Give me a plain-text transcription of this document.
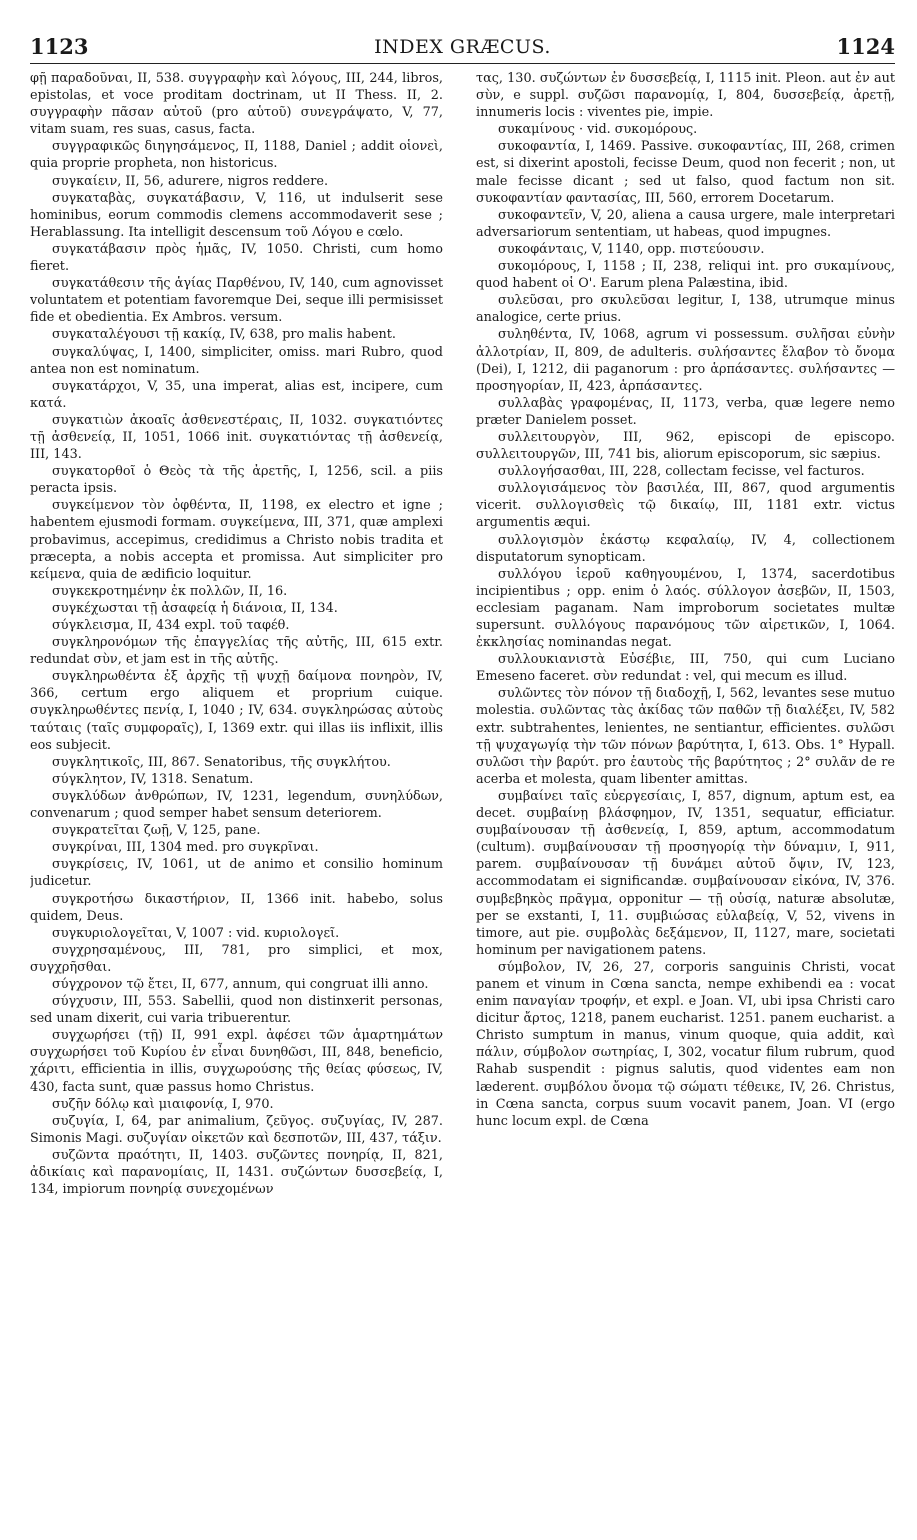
1123	INDEX GRÆCUS.	1124

φῇ παραδοῦναι, II, 538. συγγραφὴν καὶ λόγους, III, 244, libros, epistolas, et voce proditam doctrinam, ut II Thess. II, 2. συγγραφὴν πᾶσαν αὐτοῦ (pro αὑτοῦ) συνεγράψατο, V, 77, vitam suam, res suas, casus, facta.

συγγραφικῶς διηγησάμενος, II, 1188, Daniel ; addit οἱονεὶ, quia proprie propheta, non historicus.

συγκαίειν, II, 56, adurere, nigros reddere.

συγκαταβὰς, συγκατάβασιν, V, 116, ut indulserit sese hominibus, eorum commodis clemens accommodaverit sese ; Herablassung. Ita intelligit descensum τοῦ Λόγου e cœlo.

συγκατάβασιν πρὸς ἡμᾶς, IV, 1050. Christi, cum homo fieret.

συγκατάθεσιν τῆς ἁγίας Παρθένου, IV, 140, cum agnovisset voluntatem et potentiam favoremque Dei, seque illi permisisset fide et obedientia. Ex Ambros. versum.

συγκαταλέγουσι τῇ κακίᾳ, IV, 638, pro malis habent.

συγκαλύψας, I, 1400, simpliciter, omiss. mari Rubro, quod antea non est nominatum.

συγκατάρχοι, V, 35, una imperat, alias est, incipere, cum κατά.

συγκατιὼν ἀκοαῖς ἀσθενεστέραις, II, 1032. συγκατιόντες τῇ ἀσθενείᾳ, II, 1051, 1066 init. συγκατιόντας τῇ ἀσθενείᾳ, III, 143.

συγκατορθοῖ ὁ Θεὸς τὰ τῆς ἀρετῆς, I, 1256, scil. a piis peracta ipsis.

συγκείμενον τὸν ὀφθέντα, II, 1198, ex electro et igne ; habentem ejusmodi formam. συγκείμενα, III, 371, quæ amplexi probavimus, accepimus, credidimus a Christo nobis tradita et præcepta, a nobis accepta et promissa. Aut simpliciter pro κείμενα, quia de ædificio loquitur.

συγκεκροτημένην ἐκ πολλῶν, II, 16.

συγκέχωσται τῇ ἀσαφείᾳ ἡ διάνοια, II, 134.

σύγκλεισμα, II, 434 expl. τοῦ ταφέθ.

συγκληρονόμων τῆς ἐπαγγελίας τῆς αὐτῆς, III, 615 extr. redundat σὺν, et jam est in τῆς αὐτῆς.

συγκληρωθέντα ἐξ ἀρχῆς τῇ ψυχῇ δαίμονα πονηρὸν, IV, 366, certum ergo aliquem et proprium cuique. συγκληρωθέντες πενίᾳ, I, 1040 ; IV, 634. συγκληρώσας αὐτοὺς ταύταις (ταῖς συμφοραῖς), I, 1369 extr. qui illas iis inflixit, illis eos subjecit.

συγκλητικοῖς, III, 867. Senatoribus, τῆς συγκλήτου.

σύγκλητον, IV, 1318. Senatum.

συγκλύδων ἀνθρώπων, IV, 1231, legendum, συνηλύδων, convenarum ; quod semper habet sensum deteriorem.

συγκρατεῖται ζωῇ, V, 125, pane.

συγκρίναι, III, 1304 med. pro συγκρῖναι.

συγκρίσεις, IV, 1061, ut de animo et consilio hominum judicetur.

συγκροτήσω δικαστήριον, II, 1366 init. habebo, solus quidem, Deus.

συγκυριολογεῖται, V, 1007 : vid. κυριολογεῖ.

συγχρησαμένους, III, 781, pro simplici, et mox, συγχρῆσθαι.

σύγχρονον τῷ ἔτει, II, 677, annum, qui congruat illi anno.

σύγχυσιν, III, 553. Sabellii, quod non distinxerit personas, sed unam dixerit, cui varia tribuerentur.

συγχωρήσει (τῇ) II, 991 expl. ἀφέσει τῶν ἁμαρτημάτων συγχωρήσει τοῦ Κυρίου ἐν εἶναι δυνηθῶσι, III, 848, beneficio, χάριτι, efficientia in illis, συγχωρούσης τῆς θείας φύσεως, IV, 430, facta sunt, quæ passus homo Christus.

συζῆν δόλῳ καὶ μιαιφονίᾳ, I, 970.

συζυγία, I, 64, par animalium, ζεῦγος. συζυγίας, IV, 287. Simonis Magi. συζυγίαν οἰκετῶν καὶ δεσποτῶν, III, 437, τάξιν.

συζῶντα πραότητι, II, 1403. συζῶντες πονηρίᾳ, II, 821, ἀδικίαις καὶ παρανομίαις, II, 1431. συζώντων δυσσεβείᾳ, I, 134, impiorum πονηρίᾳ συνεχομένων

τας, 130. συζώντων ἐν δυσσεβείᾳ, I, 1115 init. Pleon. aut ἐν aut σὺν, e suppl. συζῶσι παρανομίᾳ, I, 804, δυσσεβείᾳ, ἀρετῇ, innumeris locis : viventes pie, impie.

συκαμίνους · vid. συκομόρους.

συκοφαντία, I, 1469. Passive. συκοφαντίας, III, 268, crimen est, si dixerint apostoli, fecisse Deum, quod non fecerit ; non, ut male fecisse dicant ; sed ut falso, quod factum non sit. συκοφαντίαν φαντασίας, III, 560, errorem Docetarum.

συκοφαντεῖν, V, 20, aliena a causa urgere, male interpretari adversariorum sententiam, ut habeas, quod impugnes.

συκοφάνταις, V, 1140, opp. πιστεύουσιν.

συκομόρους, I, 1158 ; II, 238, reliqui int. pro συκαμίνους, quod habent οἱ Ο'. Earum plena Palæstina, ibid.

συλεῦσαι, pro σκυλεῦσαι legitur, I, 138, utrumque minus analogice, certe prius.

συληθέντα, IV, 1068, agrum vi possessum. συλῆσαι εὐνὴν ἀλλοτρίαν, II, 809, de adulteris. συλήσαντες ἔλαβον τὸ ὄνομα (Dei), I, 1212, dii paganorum : pro ἁρπάσαντες. συλήσαντες — προσηγορίαν, II, 423, ἁρπάσαντες.

συλλαβὰς γραφομένας, II, 1173, verba, quæ legere nemo præter Danielem posset.

συλλειτουργὸν, III, 962, episcopi de episcopo. συλλειτουργῶν, III, 741 bis, aliorum episcoporum, sic sæpius.

συλλογήσασθαι, III, 228, collectam fecisse, vel facturos.

συλλογισάμενος τὸν βασιλέα, III, 867, quod argumentis vicerit. συλλογισθεὶς τῷ δικαίῳ, III, 1181 extr. victus argumentis æqui.

συλλογισμὸν ἑκάστῳ κεφαλαίῳ, IV, 4, collectionem disputatorum synopticam.

συλλόγου ἱεροῦ καθηγουμένου, I, 1374, sacerdotibus incipientibus ; opp. enim ὁ λαός. σύλλογον ἀσεβῶν, II, 1503, ecclesiam paganam. Nam improborum societates multæ supersunt. συλλόγους παρανόμους τῶν αἱρετικῶν, I, 1064. ἐκκλησίας nominandas negat.

συλλουκιανιστὰ Εὐσέβιε, III, 750, qui cum Luciano Emeseno faceret. σὺν redundat : vel, qui mecum es illud.

συλῶντες τὸν πόνον τῇ διαδοχῇ, I, 562, levantes sese mutuo molestia. συλῶντας τὰς ἀκίδας τῶν παθῶν τῇ διαλέξει, IV, 582 extr. subtrahentes, lenientes, ne sentiantur, efficientes. συλῶσι τῇ ψυχαγωγίᾳ τὴν τῶν πόνων βαρύτητα, I, 613. Obs. 1° Hypall. συλῶσι τὴν βαρύτ. pro ἑαυτοὺς τῆς βαρύτητος ; 2° συλᾶν de re acerba et molesta, quam libenter amittas.

συμβαίνει ταῖς εὐεργεσίαις, I, 857, dignum, aptum est, ea decet. συμβαίνῃ βλάσφημον, IV, 1351, sequatur, efficiatur. συμβαίνουσαν τῇ ἀσθενείᾳ, I, 859, aptum, accommodatum (cultum). συμβαίνουσαν τῇ προσηγορίᾳ τὴν δύναμιν, I, 911, parem. συμβαίνουσαν τῇ δυνάμει αὐτοῦ ὄψιν, IV, 123, accommodatam ei significandæ. συμβαίνουσαν εἰκόνα, IV, 376. συμβεβηκὸς πρᾶγμα, opponitur — τῇ οὐσίᾳ, naturæ absolutæ, per se exstanti, I, 11. συμβιώσας εὐλαβείᾳ, V, 52, vivens in timore, aut pie. συμβολὰς δεξάμενον, II, 1127, mare, societati hominum per navigationem patens.

σύμβολον, IV, 26, 27, corporis sanguinis Christi, vocat panem et vinum in Cœna sancta, nempe exhibendi ea : vocat enim παναγίαν τροφήν, et expl. e Joan. VI, ubi ipsa Christi caro dicitur ἄρτος, 1218, panem eucharist. 1251. panem eucharist. a Christo sumptum in manus, vinum quoque, quia addit, καὶ πάλιν, σύμβολον σωτηρίας, I, 302, vocatur filum rubrum, quod Rahab suspendit : pignus salutis, quod videntes eam non læderent. συμβόλου ὄνομα τῷ σώματι τέθεικε, IV, 26. Christus, in Cœna sancta, corpus suum vocavit panem, Joan. VI (ergo hunc locum expl. de Cœna
